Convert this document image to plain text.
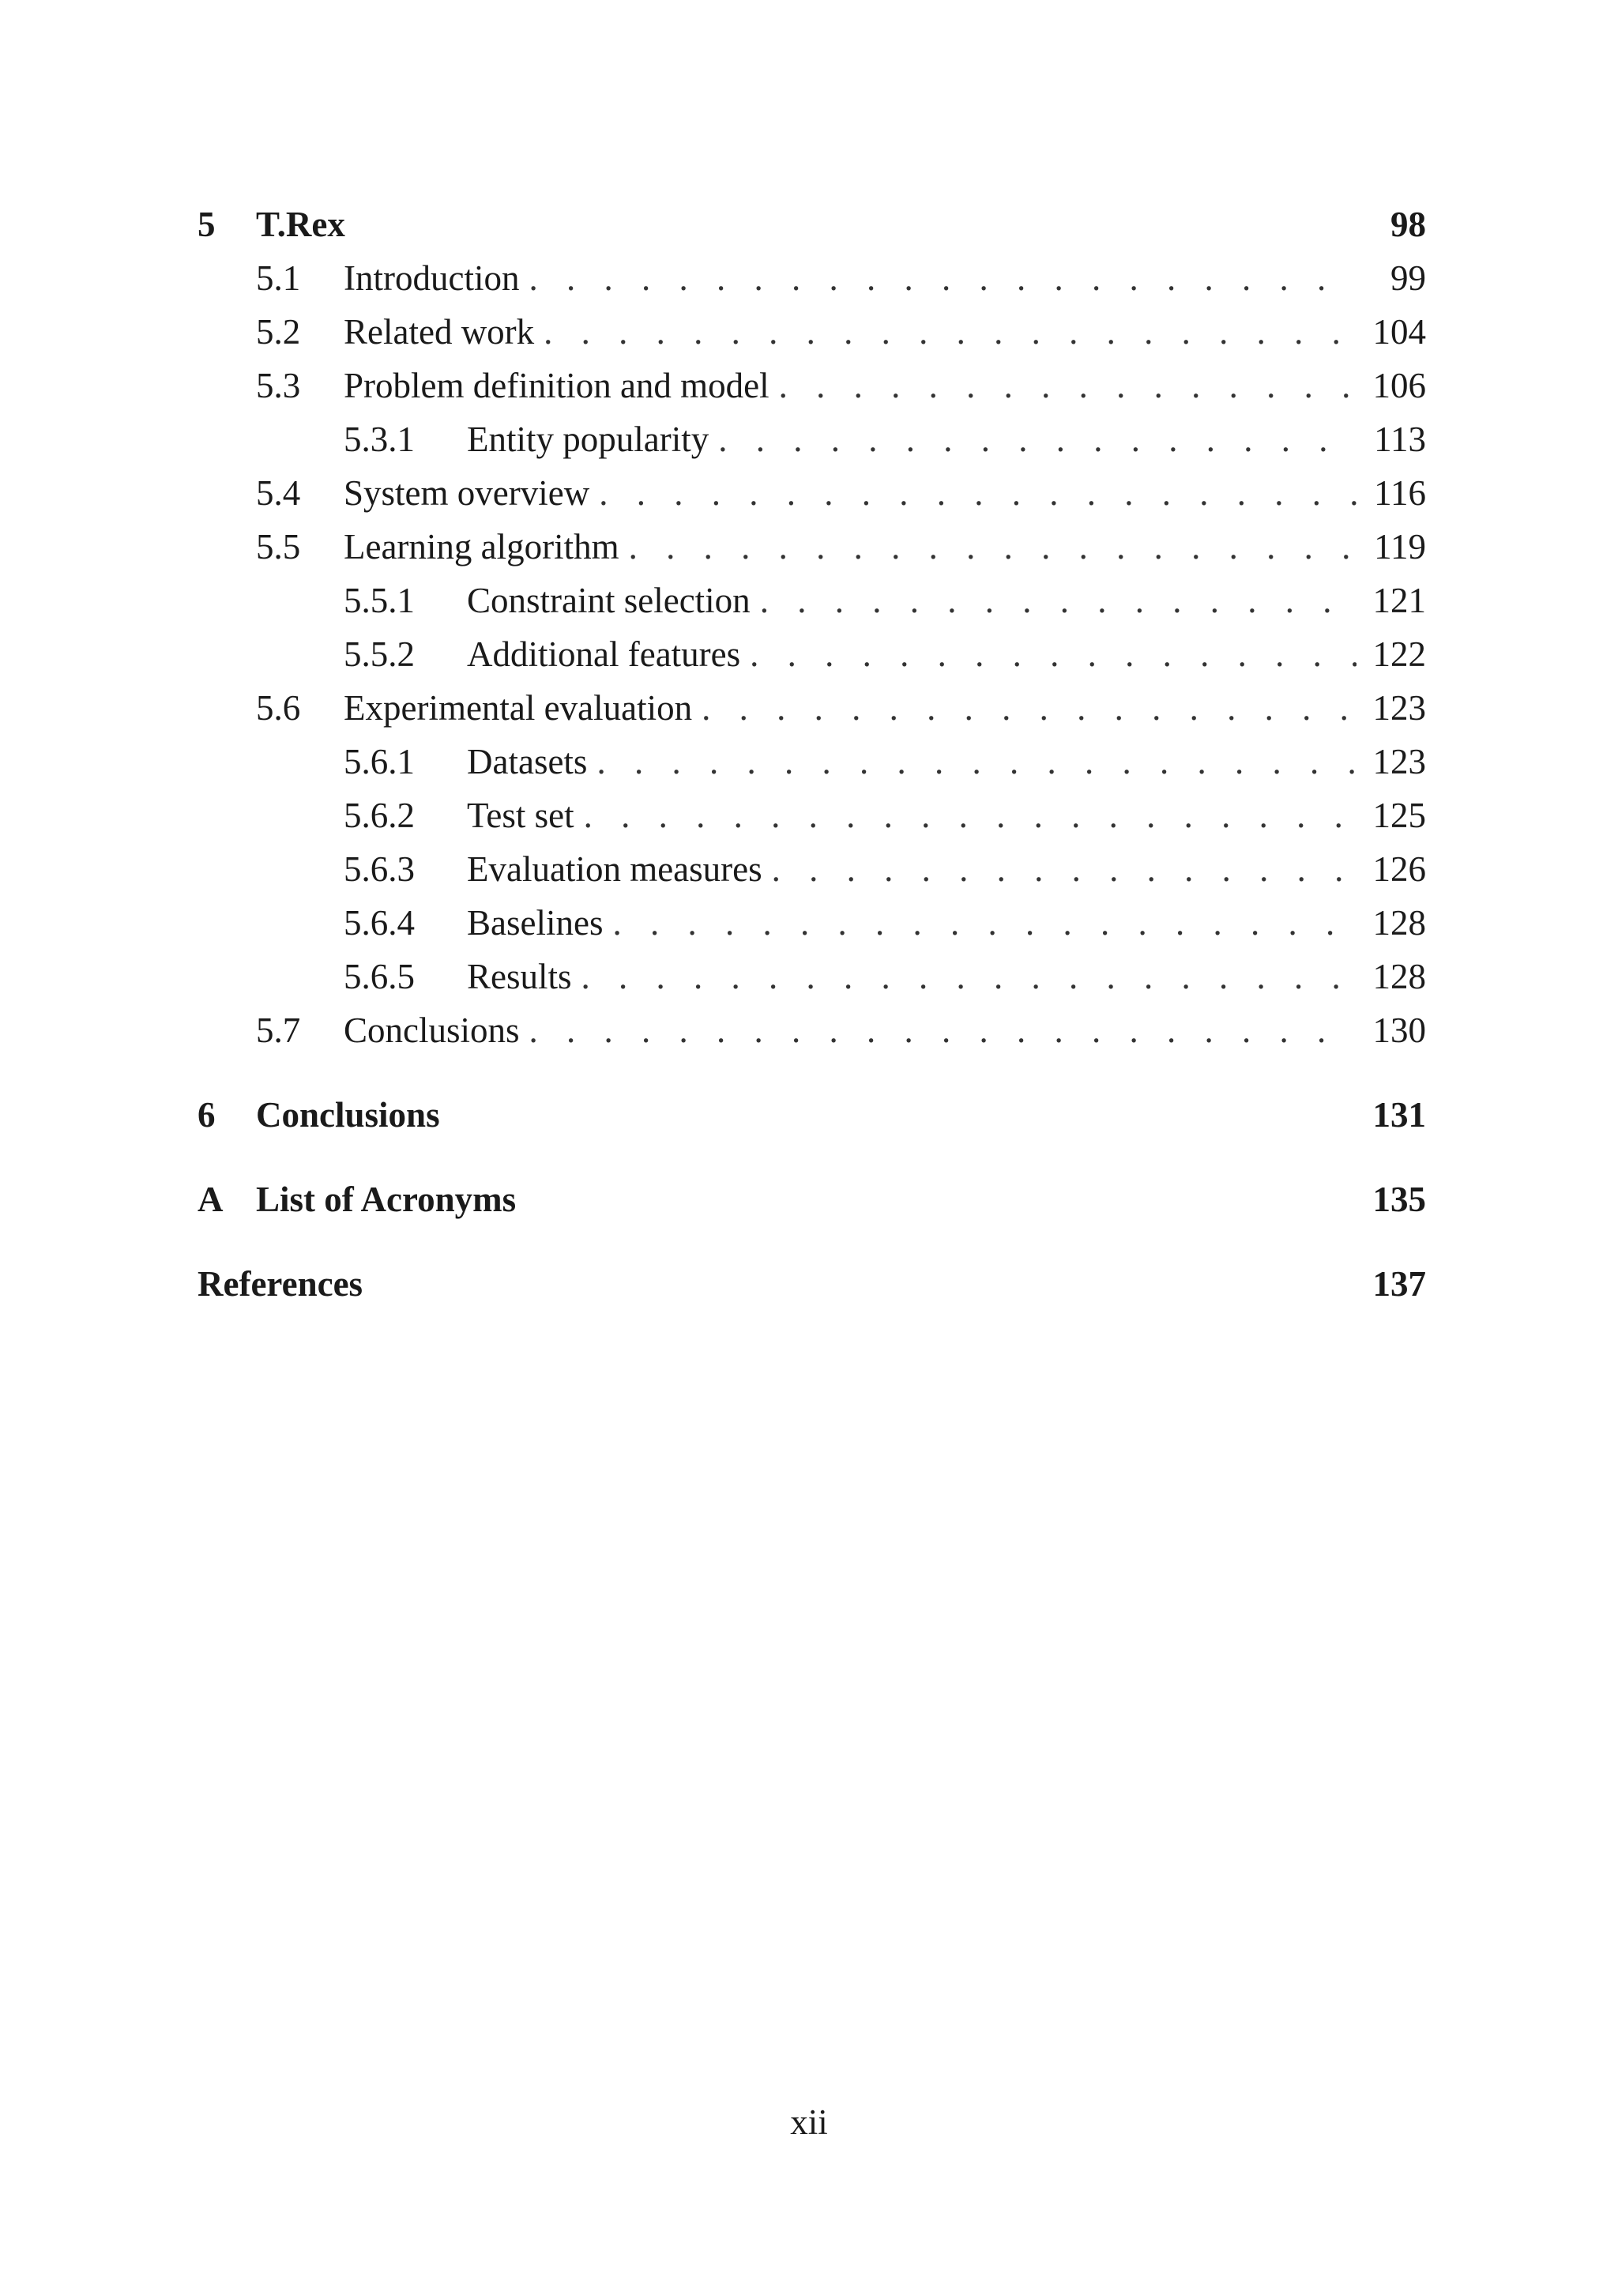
5	T.Rex	98
5.1	Introduction . . .	99
5.2	Related work . . .	104
5.3	Problem definition and model . . .	106
5.3.1	Entity popularity . . .	113
5.4	System overview . . .	116
5.5	Learning algorithm . . .	119
5.5.1	Constraint selection . . .	121
5.5.2	Additional features . . .	122
5.6	Experimental evaluation . . .	123
5.6.1	Datasets . . .	123
5.6.2	Test set . . .	125
5.6.3	Evaluation measures . . .	126
5.6.4	Baselines . . .	128
5.6.5	Results . . .	128
5.7	Conclusions . . .	130
6	Conclusions	131
A List of Acronyms	135
References	137
xii
